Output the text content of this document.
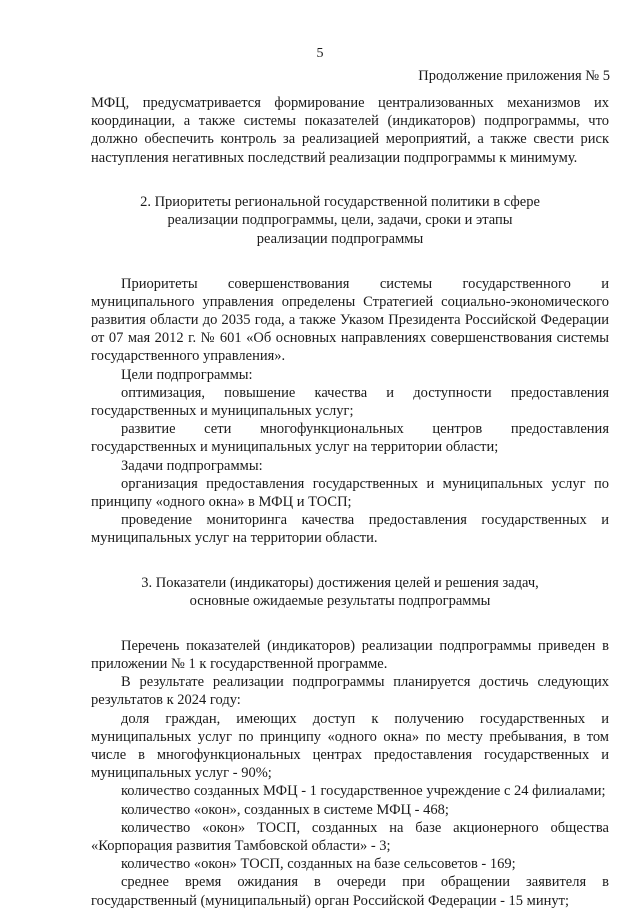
5
Продолжение приложения № 5

МФЦ, предусматривается формирование централизованных механизмов их координации, а также системы показателей (индикаторов) подпрограммы, что должно обеспечить контроль за реализацией мероприятий, а также свести риск наступления негативных последствий реализации подпрограммы к минимуму.

2. Приоритеты региональной государственной политики в сфере
реализации подпрограммы, цели, задачи, сроки и этапы
реализации подпрограммы

Приоритеты совершенствования системы государственного и муниципального управления определены Стратегией социально-экономического развития области до 2035 года, а также Указом Президента Российской Федерации от 07 мая 2012 г. № 601 «Об основных направлениях совершенствования системы государственного управления».

Цели подпрограммы:

оптимизация, повышение качества и доступности предоставления государственных и муниципальных услуг;

развитие сети многофункциональных центров предоставления государственных и муниципальных услуг на территории области;

Задачи подпрограммы:

организация предоставления государственных и муниципальных услуг по принципу «одного окна» в МФЦ и ТОСП;

проведение мониторинга качества предоставления государственных и муниципальных услуг на территории области.

3. Показатели (индикаторы) достижения целей и решения задач,
основные ожидаемые результаты подпрограммы

Перечень показателей (индикаторов) реализации подпрограммы приведен в приложении № 1 к государственной программе.

В результате реализации подпрограммы планируется достичь следующих результатов к 2024 году:

доля граждан, имеющих доступ к получению государственных и муниципальных услуг по принципу «одного окна» по месту пребывания, в том числе в многофункциональных центрах предоставления государственных и муниципальных услуг - 90%;

количество созданных МФЦ - 1 государственное учреждение с 24 филиалами;

количество «окон», созданных в системе МФЦ - 468;

количество «окон» ТОСП, созданных на базе акционерного общества «Корпорация развития Тамбовской области» - 3;

количество «окон» ТОСП, созданных на базе сельсоветов - 169;

среднее время ожидания в очереди при обращении заявителя в государственный (муниципальный) орган Российской Федерации - 15 минут;
